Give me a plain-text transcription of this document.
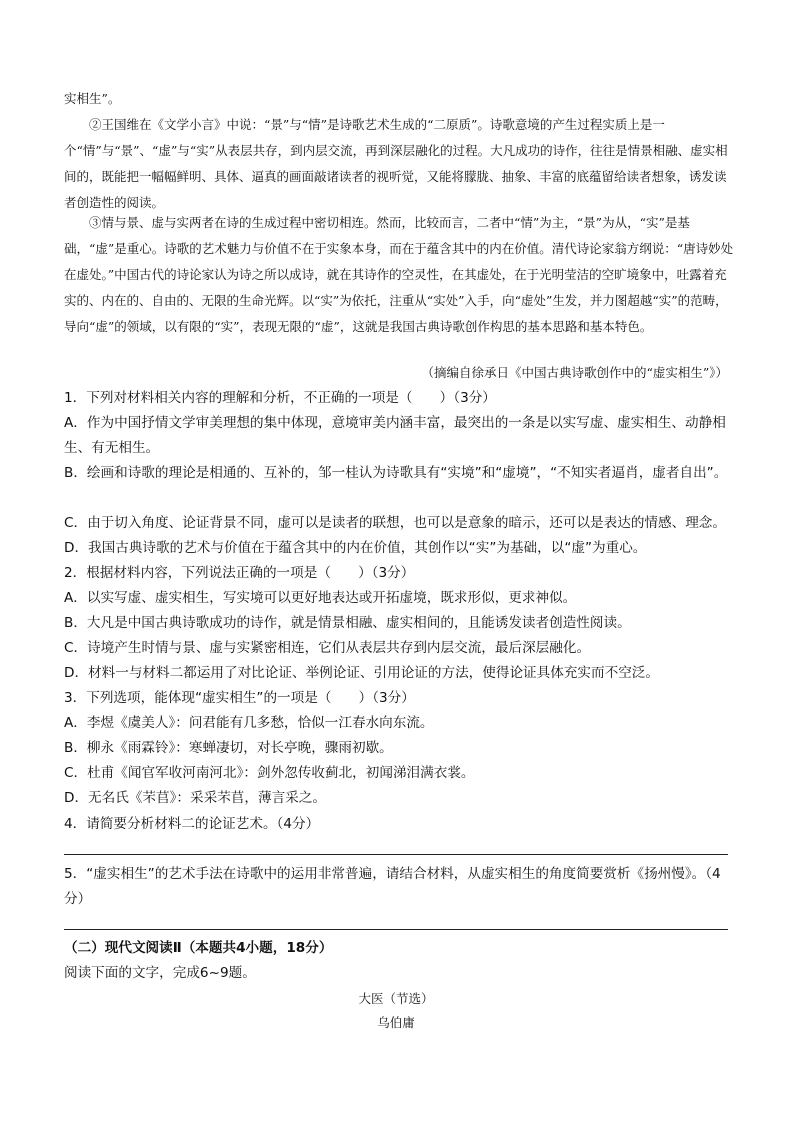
实相生”。

②王国维在《文学小言》中说：“景”与“情”是诗歌艺术生成的“二原质”。诗歌意境的产生过程实质上是一个“情”与“景”、“虚”与“实”从表层共存，到内层交流，再到深层融化的过程。大凡成功的诗作，往往是情景相融、虚实相间的，既能把一幅幅鲜明、具体、逼真的画面敲诸读者的视听觉，又能将朦胧、抽象、丰富的底蕴留给读者想象，诱发读者创造性的阅读。

③情与景、虚与实两者在诗的生成过程中密切相连。然而，比较而言，二者中“情”为主，“景”为从，“实”是基础，“虚”是重心。诗歌的艺术魅力与价值不在于实象本身，而在于蕴含其中的内在价值。清代诗论家翁方纲说：“唐诗妙处在虚处。”中国古代的诗论家认为诗之所以成诗，就在其诗作的空灵性，在其虚处，在于光明莹洁的空旷境象中，吐露着充实的、内在的、自由的、无限的生命光辉。以“实”为依托，注重从“实处”入手，向“虚处”生发，并力图超越“实”的范畴，导向“虚”的领域，以有限的“实”，表现无限的“虚”，这就是我国古典诗歌创作构思的基本思路和基本特色。

（摘编自徐承日《中国古典诗歌创作中的“虚实相生”》）

1．下列对材料相关内容的理解和分析，不正确的一项是（　　）（3分）

A．作为中国抒情文学审美理想的集中体现，意境审美内涵丰富，最突出的一条是以实写虚、虚实相生、动静相生、有无相生。

B．绘画和诗歌的理论是相通的、互补的，邹一桂认为诗歌具有“实境”和“虚境”，“不知实者逼肖，虚者自出”。

C．由于切入角度、论证背景不同，虚可以是读者的联想，也可以是意象的暗示，还可以是表达的情感、理念。

D．我国古典诗歌的艺术与价值在于蕴含其中的内在价值，其创作以“实”为基础，以“虚”为重心。

2．根据材料内容，下列说法正确的一项是（　　）（3分）

A．以实写虚、虚实相生，写实境可以更好地表达或开拓虚境，既求形似，更求神似。

B．大凡是中国古典诗歌成功的诗作，就是情景相融、虚实相间的，且能诱发读者创造性阅读。

C．诗境产生时情与景、虚与实紧密相连，它们从表层共存到内层交流，最后深层融化。

D．材料一与材料二都运用了对比论证、举例论证、引用论证的方法，使得论证具体充实而不空泛。

3．下列选项，能体现“虚实相生”的一项是（　　）（3分）

A．李煜《虞美人》：问君能有几多愁，恰似一江春水向东流。

B．柳永《雨霖铃》：寒蝉凄切，对长亭晚，骤雨初歇。

C．杜甫《闻官军收河南河北》：剑外忽传收蓟北，初闻涕泪满衣裳。

D．无名氏《芣苢》：采采芣苢，薄言采之。

4．请简要分析材料二的论证艺术。（4分）

5．“虚实相生”的艺术手法在诗歌中的运用非常普遍，请结合材料，从虚实相生的角度简要赏析《扬州慢》。（4分）

（二）现代文阅读Ⅱ（本题共4小题，18分）

阅读下面的文字，完成6~9题。

大医（节选）

乌伯庸
